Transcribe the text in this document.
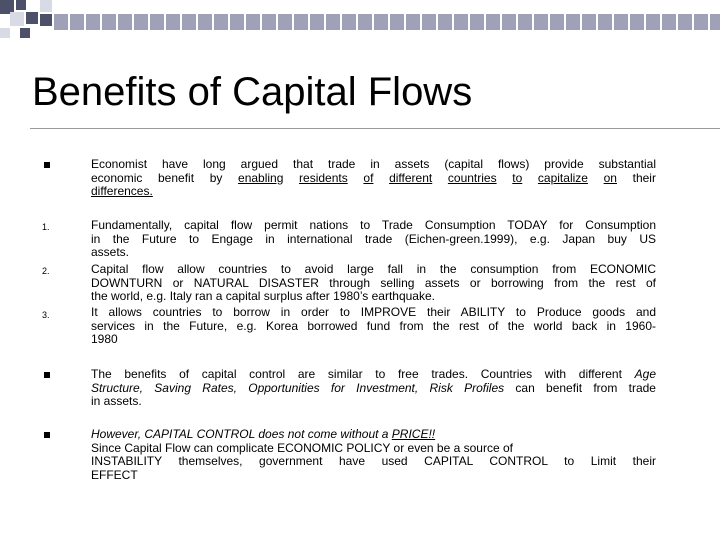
Benefits of Capital Flows
Economist have long argued that trade in assets (capital flows) provide substantial
economic benefit by enabling residents of different countries to capitalize on their
differences.
1.	Fundamentally, capital flow permit nations to Trade Consumption TODAY for Consumption
in the Future to Engage in international trade (Eichen-green.1999), e.g. Japan buy US
assets.
2.	Capital flow allow countries to avoid large fall in the consumption from ECONOMIC
DOWNTURN or NATURAL DISASTER through selling assets or borrowing from the rest of
the world, e.g. Italy ran a capital surplus after 1980’s earthquake.
3.	It allows countries to borrow in order to IMPROVE their ABILITY to Produce goods and
services in the Future, e.g. Korea borrowed fund from the rest of the world back in 1960-
1980
The benefits of capital control are similar to free trades. Countries with different Age
Structure, Saving Rates, Opportunities for Investment, Risk Profiles can benefit from trade
in assets.
However, CAPITAL CONTROL does not come without a PRICE!!
Since Capital Flow can complicate ECONOMIC POLICY or even be a source of
INSTABILITY themselves, government have used CAPITAL CONTROL to Limit their
EFFECT
